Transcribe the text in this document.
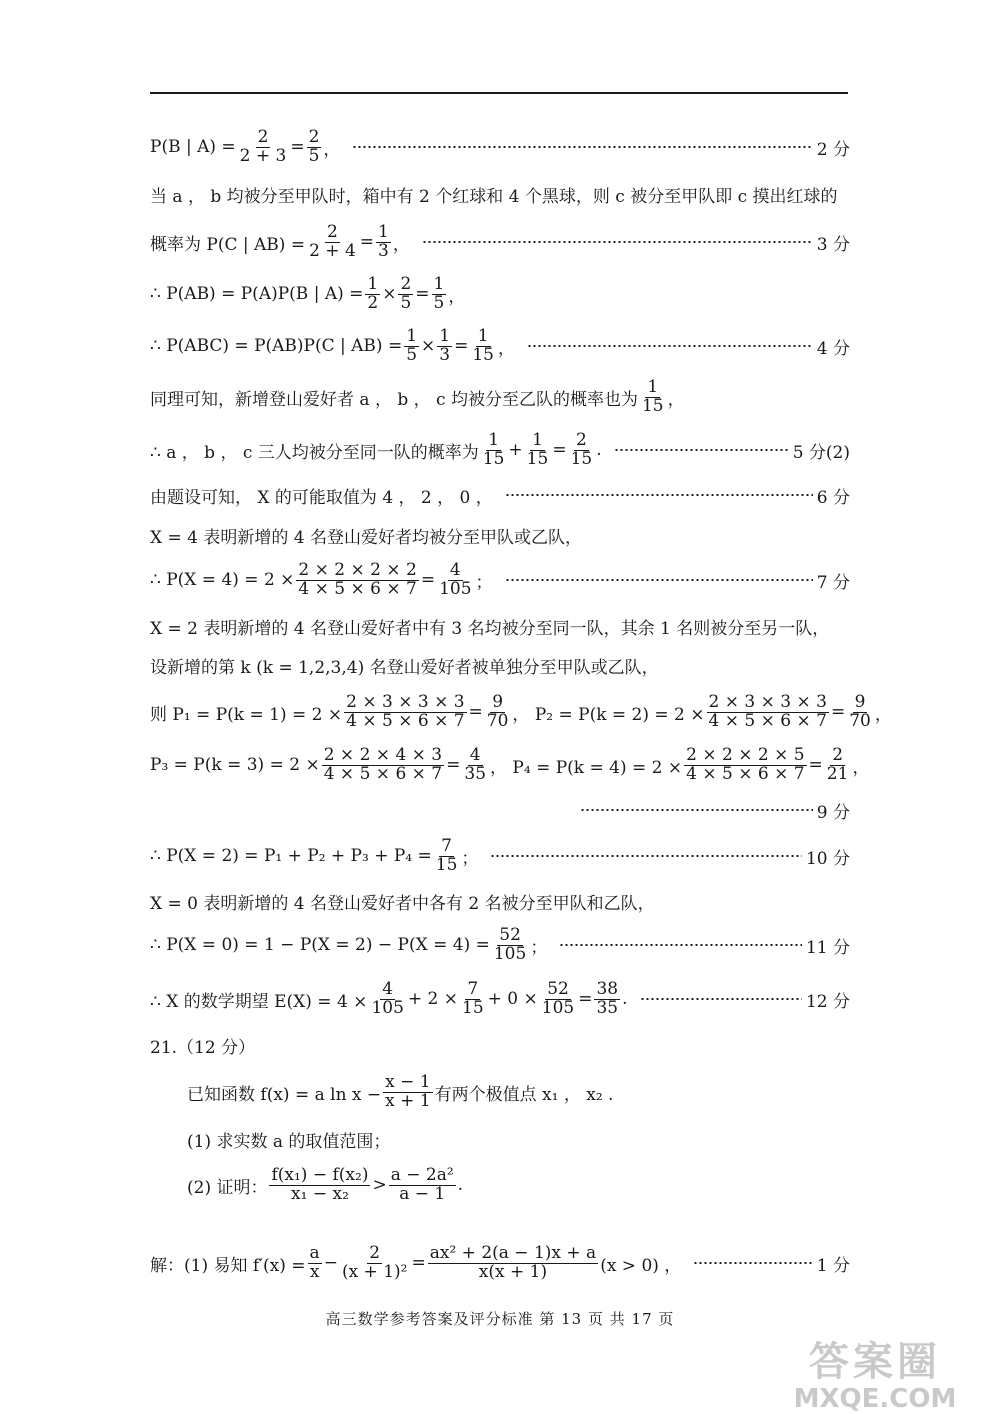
P(B | $A) = \frac{2}{2 + 3} = \frac{2}{5}$ ，	2 分
当 a ， b 均被分至甲队时，箱中有 2 个红球和 4 个黑球，则 c 被分至甲队即 c 摸出红球的
概率为 P(C | $AB) = \frac{2}{2 + 4} = \frac{1}{3}$ ，	3 分
∴ P(AB) = P(A)P(B | $A) = \frac{1}{2} \times \frac{2}{5} = \frac{1}{5}$ ，
∴ P(ABC) = P(AB)P(C | $AB) = \frac{1}{5} \times \frac{1}{3} = \frac{1}{15}$ ，	4 分
同理可知，新增登山爱好者 a ， b ， c 均被分至乙队的概率也为 $\frac{1}{15}$ ，
∴ a ， b ， c 三人均被分至同一队的概率为 $\frac{1}{15} + \frac{1}{15} = \frac{2}{15}$ .	5 分(2)
由题设可知， X 的可能取值为 4 ， 2 ， 0 ，	6 分
X = 4 表明新增的 4 名登山爱好者均被分至甲队或乙队，
∴ $P(X = 4) = 2 \times \frac{2 \times 2 \times 2 \times 2}{4 \times 5 \times 6 \times 7} = \frac{4}{105}$ ；	7 分
X = 2 表明新增的 4 名登山爱好者中有 3 名均被分至同一队，其余 1 名则被分至另一队，
设新增的第 k (k = 1,2,3,4) 名登山爱好者被单独分至甲队或乙队，
则 $P_1 = P(k = 1) = 2 \times \frac{2 \times 3 \times 3 \times 3}{4 \times 5 \times 6 \times 7} = \frac{9}{70}$ ， $P_2 = P(k = 2) = 2 \times \frac{2 \times 3 \times 3 \times 3}{4 \times 5 \times 6 \times 7} = \frac{9}{70}$ ，
$P_3 = P(k = 3) = 2 \times \frac{2 \times 2 \times 4 \times 3}{4 \times 5 \times 6 \times 7} = \frac{4}{35}$ ， $P_4 = P(k = 4) = 2 \times \frac{2 \times 2 \times 2 \times 5}{4 \times 5 \times 6 \times 7} = \frac{2}{21}$ ，
9 分
∴ $P(X = 2) = P_1 + P_2 + P_3 + P_4 = \frac{7}{15}$ ；	10 分
X = 0 表明新增的 4 名登山爱好者中各有 2 名被分至甲队和乙队，
∴ $P(X = 0) = 1 - P(X = 2) - P(X = 4) = \frac{52}{105}$ ；	11 分
∴ X 的数学期望 $E(X) = 4 \times \frac{4}{105} + 2 \times \frac{7}{15} + 0 \times \frac{52}{105} = \frac{38}{35}$ .	12 分
21.（12 分）
已知函数 f(x) = a $\ln x - \frac{x - 1}{x + 1}$ 有两个极值点 x₁ ， x₂ .
(1) 求实数 a 的取值范围；
(2) 证明： $\frac{\text{f(x₁) − f(x₂)}}{\text{x₁ − x₂}} > \frac{\text{a − 2a²}}{a - 1}$ .
解：(1) 易知 $f'(x) = \frac{a}{x} - \frac{2}{\text{(x + 1)²}} = \frac{\text{ax² + 2(a − 1)x + a}}{x(x + 1)} (x > 0)$ ，	1 分
高三数学参考答案及评分标准 第 13 页 共 17 页
答案圈
MXQE.COM
